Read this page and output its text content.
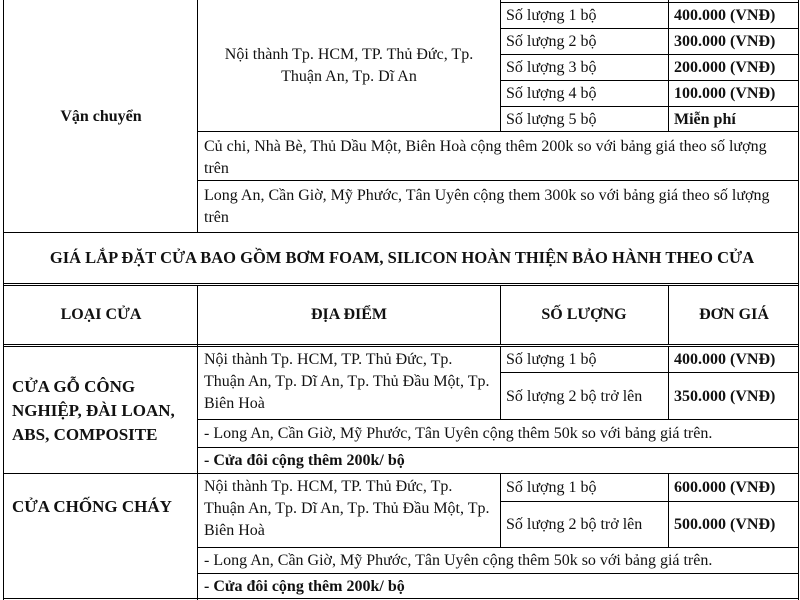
Vận chuyển
Nội thành Tp. HCM, TP. Thủ Đức, Tp. Thuận An, Tp. Dĩ An
Số lượng 1 bộ	400.000 (VNĐ)
Số lượng 2 bộ	300.000 (VNĐ)
Số lượng 3 bộ	200.000 (VNĐ)
Số lượng 4 bộ	100.000 (VNĐ)
Số lượng 5 bộ	Miễn phí
Củ chi, Nhà Bè, Thủ Dầu Một, Biên Hoà cộng thêm 200k so với bảng giá theo số lượng trên
Long An, Cần Giờ, Mỹ Phước, Tân Uyên cộng them 300k so với bảng giá theo số lượng trên
GIÁ LẮP ĐẶT CỬA BAO GỒM BƠM FOAM, SILICON HOÀN THIỆN BẢO HÀNH THEO CỬA
LOẠI CỬA	ĐỊA ĐIỂM	SỐ LƯỢNG	ĐƠN GIÁ
CỬA GỖ CÔNG NGHIỆP, ĐÀI LOAN, ABS, COMPOSITE
Nội thành Tp. HCM, TP. Thủ Đức, Tp. Thuận An, Tp. Dĩ An, Tp. Thủ Đầu Một, Tp. Biên Hoà
Số lượng 1 bộ	400.000 (VNĐ)
Số lượng 2 bộ trở lên	350.000 (VNĐ)
- Long An, Cần Giờ, Mỹ Phước, Tân Uyên cộng thêm 50k so với bảng giá trên.
- Cửa đôi cộng thêm 200k/ bộ
CỬA CHỐNG CHÁY
Nội thành Tp. HCM, TP. Thủ Đức, Tp. Thuận An, Tp. Dĩ An, Tp. Thủ Đầu Một, Tp. Biên Hoà
Số lượng 1 bộ	600.000 (VNĐ)
Số lượng 2 bộ trở lên	500.000 (VNĐ)
- Long An, Cần Giờ, Mỹ Phước, Tân Uyên cộng thêm 50k so với bảng giá trên.
- Cửa đôi cộng thêm 200k/ bộ
